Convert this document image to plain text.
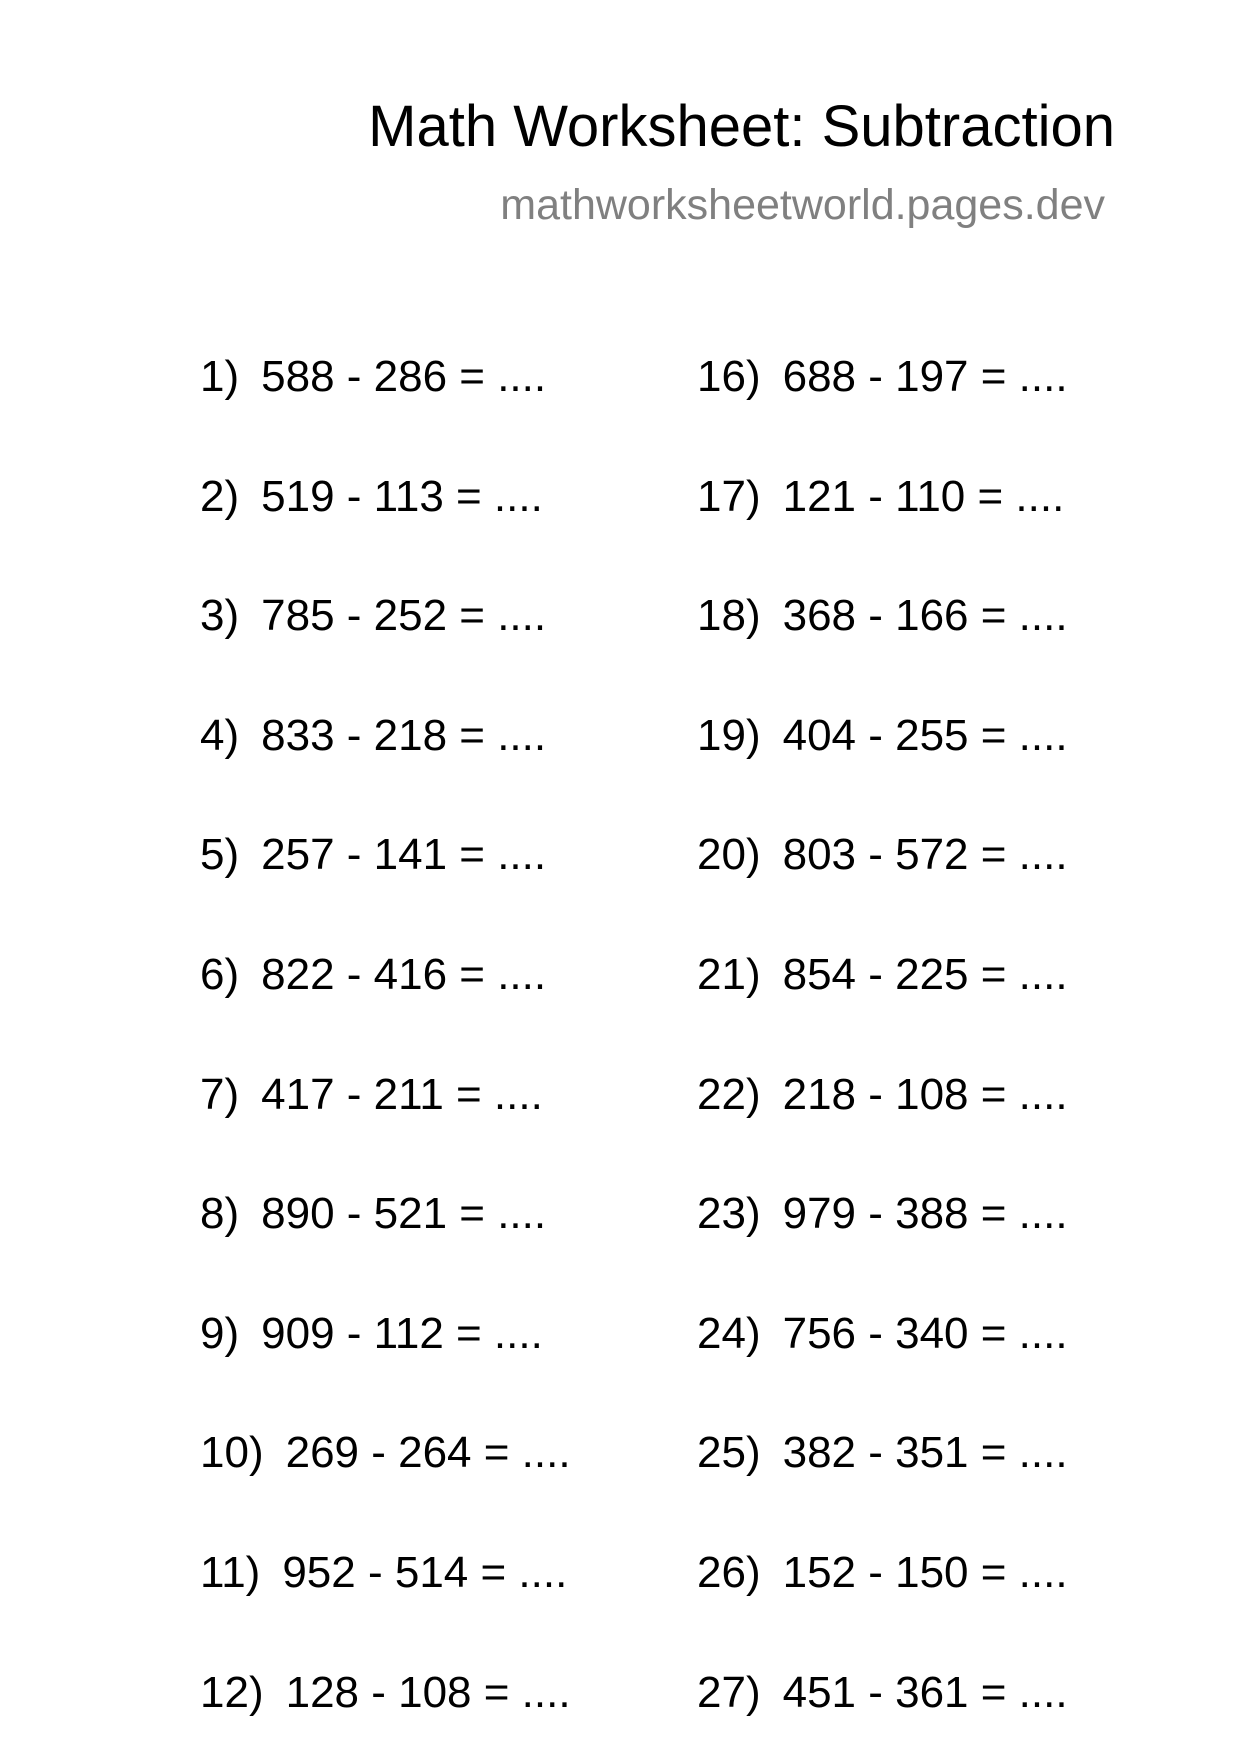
Math Worksheet: Subtraction
mathworksheetworld.pages.dev
1) 588 - 286 = ....
2) 519 - 113 = ....
3) 785 - 252 = ....
4) 833 - 218 = ....
5) 257 - 141 = ....
6) 822 - 416 = ....
7) 417 - 211 = ....
8) 890 - 521 = ....
9) 909 - 112 = ....
10) 269 - 264 = ....
11) 952 - 514 = ....
12) 128 - 108 = ....
16) 688 - 197 = ....
17) 121 - 110 = ....
18) 368 - 166 = ....
19) 404 - 255 = ....
20) 803 - 572 = ....
21) 854 - 225 = ....
22) 218 - 108 = ....
23) 979 - 388 = ....
24) 756 - 340 = ....
25) 382 - 351 = ....
26) 152 - 150 = ....
27) 451 - 361 = ....
